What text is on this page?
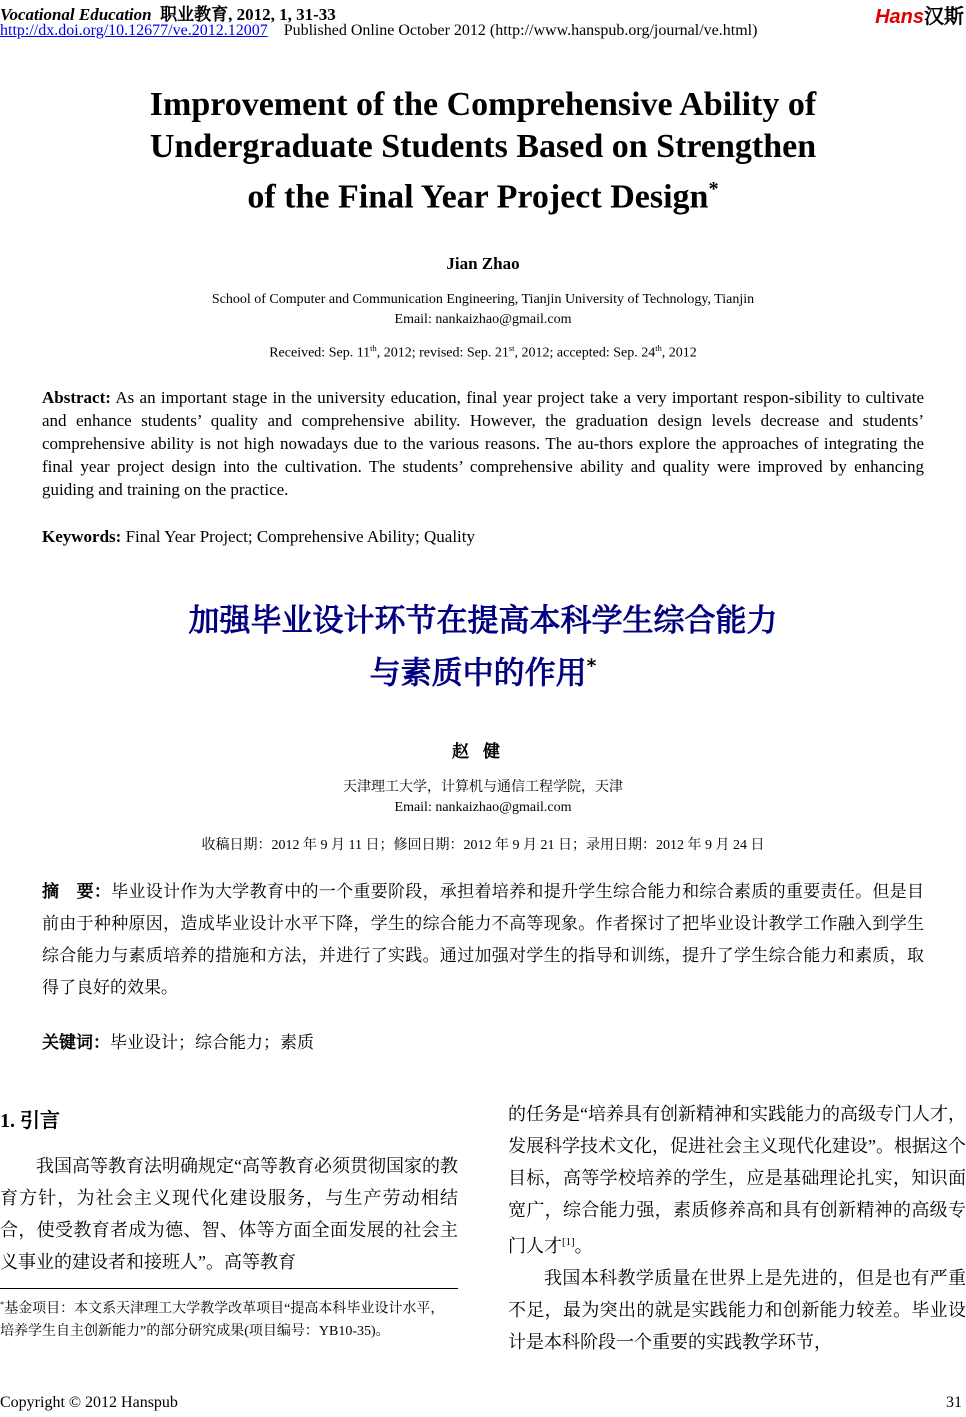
Vocational Education 职业教育, 2012, 1, 31-33
http://dx.doi.org/10.12677/ve.2012.12007 Published Online October 2012 (http://www.hanspub.org/journal/ve.html)
Hans汉斯
Improvement of the Comprehensive Ability of
Undergraduate Students Based on Strengthen
of the Final Year Project Design*
Jian Zhao
School of Computer and Communication Engineering, Tianjin University of Technology, Tianjin
Email: nankaizhao@gmail.com
Received: Sep. 11th, 2012; revised: Sep. 21st, 2012; accepted: Sep. 24th, 2012
Abstract: As an important stage in the university education, final year project take a very important respon-sibility to cultivate and enhance students’ quality and comprehensive ability. However, the graduation design levels decrease and students’ comprehensive ability is not high nowadays due to the various reasons. The au-thors explore the approaches of integrating the final year project design into the cultivation. The students’ comprehensive ability and quality were improved by enhancing guiding and training on the practice.
Keywords: Final Year Project; Comprehensive Ability; Quality
加强毕业设计环节在提高本科学生综合能力
与素质中的作用*
赵健
天津理工大学，计算机与通信工程学院，天津
Email: nankaizhao@gmail.com
收稿日期：2012 年 9 月 11 日；修回日期：2012 年 9 月 21 日；录用日期：2012 年 9 月 24 日
摘　要：毕业设计作为大学教育中的一个重要阶段，承担着培养和提升学生综合能力和综合素质的重要责任。但是目前由于种种原因，造成毕业设计水平下降，学生的综合能力不高等现象。作者探讨了把毕业设计教学工作融入到学生综合能力与素质培养的措施和方法，并进行了实践。通过加强对学生的指导和训练，提升了学生综合能力和素质，取得了良好的效果。
关键词：毕业设计；综合能力；素质
1. 引言
我国高等教育法明确规定“高等教育必须贯彻国家的教育方针，为社会主义现代化建设服务，与生产劳动相结合，使受教育者成为德、智、体等方面全面发展的社会主义事业的建设者和接班人”。高等教育
的任务是“培养具有创新精神和实践能力的高级专门人才，发展科学技术文化，促进社会主义现代化建设”。根据这个目标，高等学校培养的学生，应是基础理论扎实，知识面宽广，综合能力强，素质修养高和具有创新精神的高级专门人才[1]。
我国本科教学质量在世界上是先进的，但是也有严重不足，最为突出的就是实践能力和创新能力较差。毕业设计是本科阶段一个重要的实践教学环节，
*基金项目：本文系天津理工大学教学改革项目“提高本科毕业设计水平，培养学生自主创新能力”的部分研究成果(项目编号：YB10-35)。
Copyright © 2012 Hanspub	31
